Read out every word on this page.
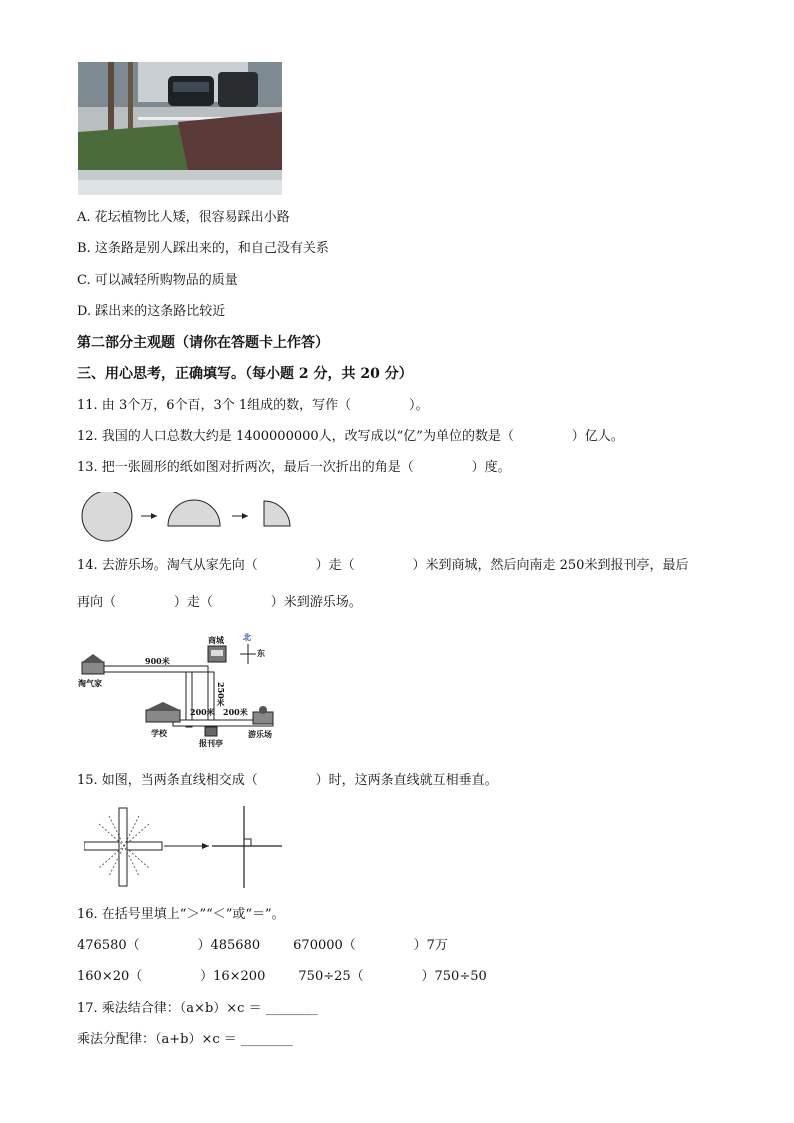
A. 花坛植物比人矮，很容易踩出小路
B. 这条路是别人踩出来的，和自己没有关系
C. 可以减轻所购物品的质量
D. 踩出来的这条路比较近
第二部分主观题（请你在答题卡上作答）
三、用心思考，正确填写。（每小题 2 分，共 20 分）
11. 由 3个万，6个百，3个 1组成的数，写作（              ）。
12. 我国的人口总数大约是 1400000000人，改写成以“亿”为单位的数是（              ）亿人。
13. 把一张圆形的纸如图对折两次，最后一次折出的角是（              ）度。
14. 去游乐场。淘气从家先向（              ）走（              ）米到商城，然后向南走 250米到报刊亭，最后
再向（              ）走（              ）米到游乐场。
淘气家
900米
商城 北
东
250米
200米 200米
学校
报刊亭
游乐场
15. 如图，当两条直线相交成（              ）时，这两条直线就互相垂直。
16. 在括号里填上“＞”“＜”或“＝”。
476580（              ）485680        670000（              ）7万
160×20（              ）16×200        750÷25（              ）750÷50
17. 乘法结合律：（a×b）×c ＝ ________
乘法分配律：（a+b）×c ＝ ________
